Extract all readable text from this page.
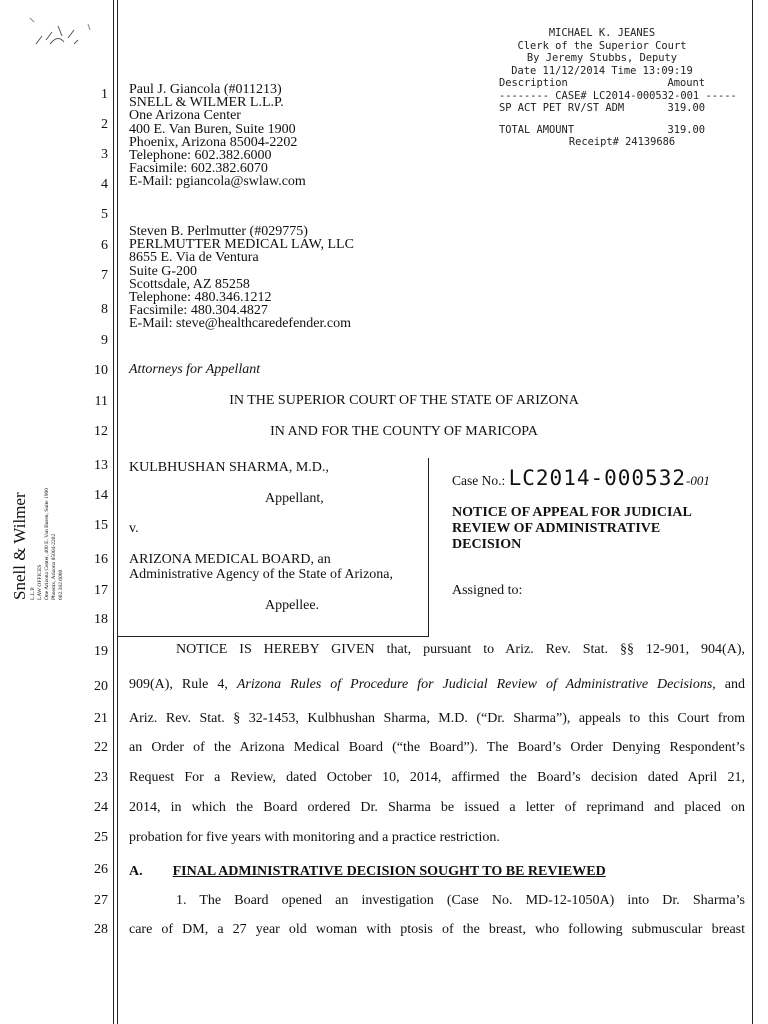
1
2
3
4
5
6
7
8
9
10
11
12
13
14
15
16
17
18
19
20
21
22
23
24
25
26
27
28
Snell & Wilmer L.L.P. LAW OFFICES One Arizona Center, 400 E. Van Buren, Suite 1900 Phoenix, Arizona 85004-2202 602.382.6000
MICHAEL K. JEANES
Clerk of the Superior Court
By Jeremy Stubbs, Deputy
Date 11/12/2014 Time 13:09:19
Description	Amount
-------- CASE# LC2014-000532-001 -----
SP ACT PET RV/ST ADM	319.00
TOTAL AMOUNT	319.00
Receipt# 24139686
Paul J. Giancola (#011213)
SNELL & WILMER L.L.P.
One Arizona Center
400 E. Van Buren, Suite 1900
Phoenix, Arizona 85004-2202
Telephone: 602.382.6000
Facsimile: 602.382.6070
E-Mail: pgiancola@swlaw.com
Steven B. Perlmutter (#029775)
PERLMUTTER MEDICAL LAW, LLC
8655 E. Via de Ventura
Suite G-200
Scottsdale, AZ 85258
Telephone: 480.346.1212
Facsimile: 480.304.4827
E-Mail: steve@healthcaredefender.com
Attorneys for Appellant
IN THE SUPERIOR COURT OF THE STATE OF ARIZONA
IN AND FOR THE COUNTY OF MARICOPA
KULBHUSHAN SHARMA, M.D.,
Appellant,
v.
ARIZONA MEDICAL BOARD, an
Administrative Agency of the State of Arizona,
Appellee.
Case No.: LC2014-000532-001
NOTICE OF APPEAL FOR JUDICIAL
REVIEW OF ADMINISTRATIVE
DECISION
Assigned to:
NOTICE IS HEREBY GIVEN that, pursuant to Ariz. Rev. Stat. §§ 12-901, 904(A),
909(A), Rule 4, Arizona Rules of Procedure for Judicial Review of Administrative Decisions, and
Ariz. Rev. Stat. § 32-1453, Kulbhushan Sharma, M.D. (“Dr. Sharma”), appeals to this Court from
an Order of the Arizona Medical Board (“the Board”). The Board’s Order Denying Respondent’s
Request For a Review, dated October 10, 2014, affirmed the Board’s decision dated April 21,
2014, in which the Board ordered Dr. Sharma be issued a letter of reprimand and placed on
probation for five years with monitoring and a practice restriction.
A. FINAL ADMINISTRATIVE DECISION SOUGHT TO BE REVIEWED
1. The Board opened an investigation (Case No. MD-12-1050A) into Dr. Sharma’s
care of DM, a 27 year old woman with ptosis of the breast, who following submuscular breast
